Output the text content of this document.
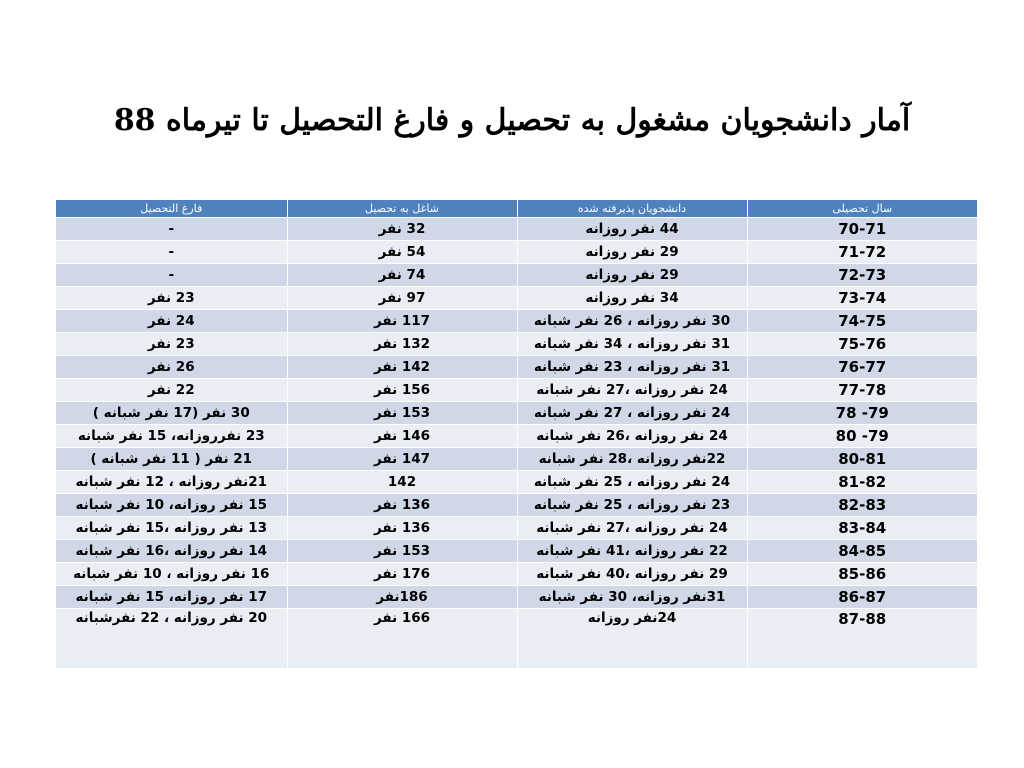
آمار دانشجویان مشغول به تحصیل و فارغ التحصیل تا تیرماه 88
سال تحصیلی	دانشجویان پذیرفته شده	شاغل به تحصیل	فارغ التحصیل
70-71	44 نفر روزانه	32 نفر	-
71-72	29 نفر روزانه	54 نفر	-
72-73	29 نفر روزانه	74 نفر	-
73-74	34 نفر روزانه	97 نفر	23 نفر
74-75	30 نفر روزانه ، 26 نفر شبانه	117 نفر	24 نفر
75-76	31 نفر روزانه ، 34 نفر شبانه	132 نفر	23 نفر
76-77	31 نفر روزانه ، 23 نفر شبانه	142 نفر	26 نفر
77-78	24 نفر روزانه ،27 نفر شبانه	156 نفر	22 نفر
78 -79	24 نفر روزانه ، 27 نفر شبانه	153 نفر	30 نفر (17 نفر شبانه )
80 -79	24 نفر روزانه ،26 نفر شبانه	146 نفر	23 نفرروزانه، 15 نفر شبانه
80-81	22نفر روزانه ،28 نفر شبانه	147 نفر	21 نفر ( 11 نفر شبانه )
81-82	24 نفر روزانه ، 25 نفر شبانه	142	21نفر روزانه ، 12 نفر شبانه
82-83	23 نفر روزانه ، 25 نفر شبانه	136 نفر	15 نفر روزانه، 10 نفر شبانه
83-84	24 نفر روزانه ،27 نفر شبانه	136 نفر	13 نفر روزانه ،15 نفر شبانه
84-85	22 نفر روزانه ،41 نفر شبانه	153 نفر	14 نفر روزانه ،16 نفر شبانه
85-86	29 نفر روزانه ،40 نفر شبانه	176 نفر	16 نفر روزانه ، 10 نفر شبانه
86-87	31نفر روزانه، 30 نفر شبانه	186نفر	17 نفر روزانه، 15 نفر شبانه
87-88	24نفر روزانه	166 نفر	20 نفر روزانه ، 22 نفرشبانه
